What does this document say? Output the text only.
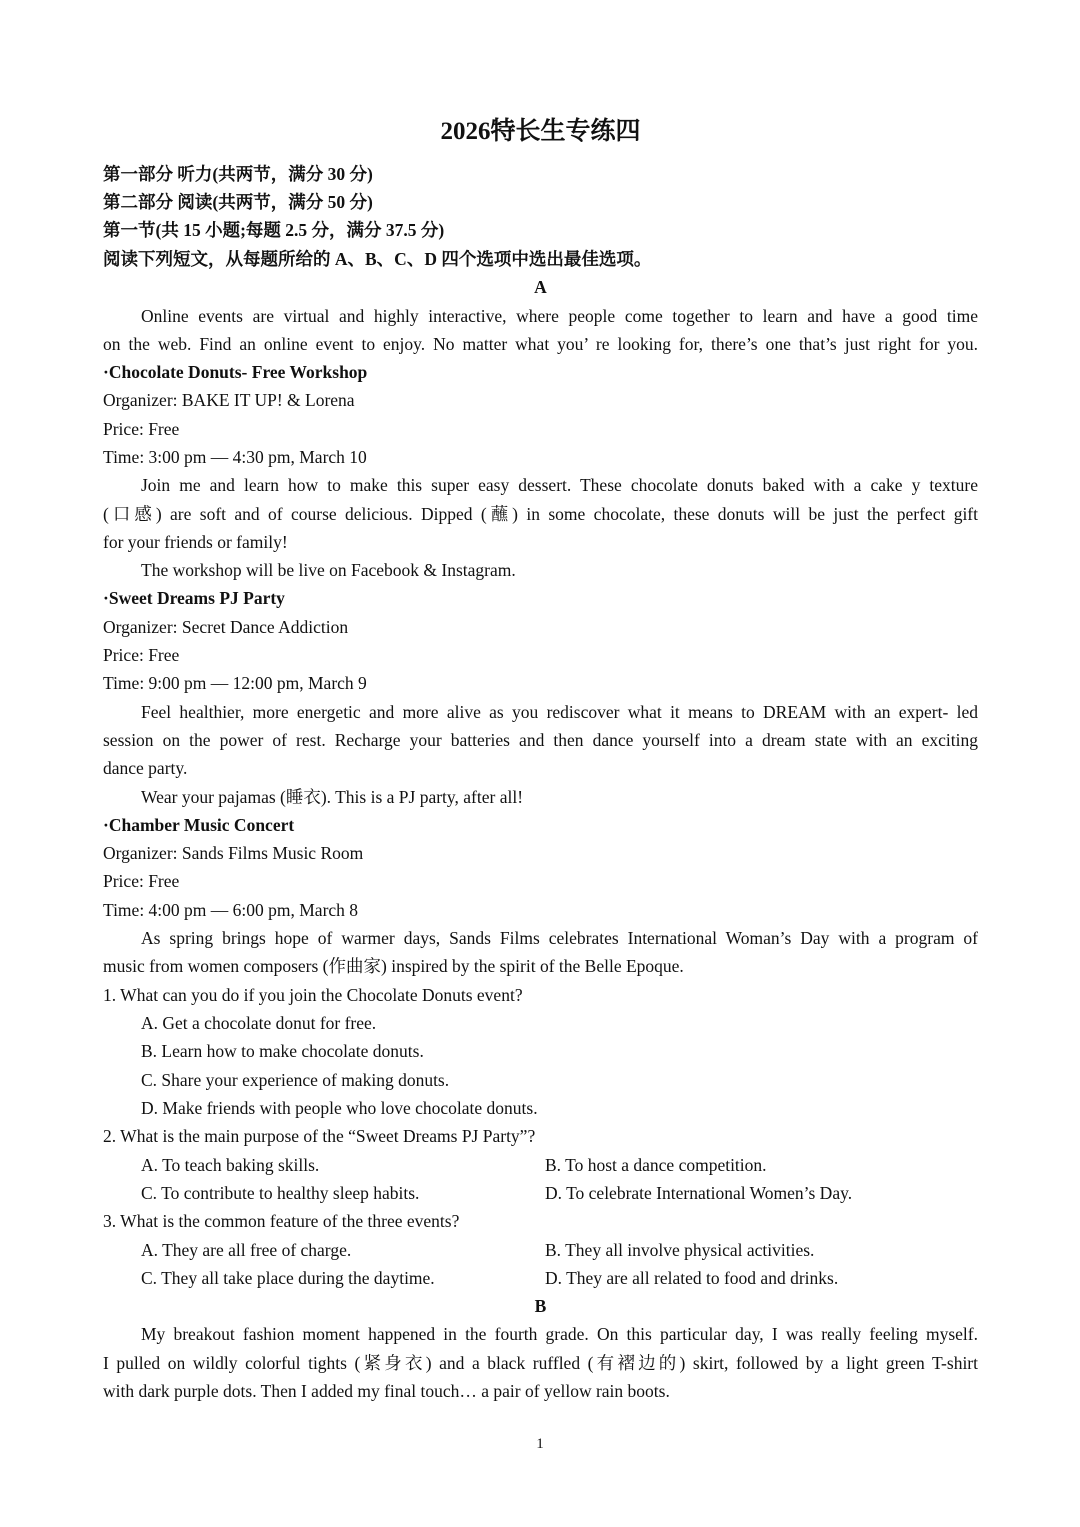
2026特长生专练四
第一部分 听力(共两节，满分 30 分)
第二部分 阅读(共两节，满分 50 分)
第一节(共 15 小题;每题 2.5 分，满分 37.5 分)
阅读下列短文，从每题所给的 A、B、C、D 四个选项中选出最佳选项。
A
Online events are virtual and highly interactive, where people come together to learn and have a good time
on the web. Find an online event to enjoy. No matter what you’ re looking for, there’s one that’s just right for you.
·Chocolate Donuts- Free Workshop
Organizer: BAKE IT UP! & Lorena
Price: Free
Time: 3:00 pm — 4:30 pm, March 10
Join me and learn how to make this super easy dessert. These chocolate donuts baked with a cake y texture
(口感) are soft and of course delicious. Dipped (蘸) in some chocolate, these donuts will be just the perfect gift
for your friends or family!
The workshop will be live on Facebook & Instagram.
·Sweet Dreams PJ Party
Organizer: Secret Dance Addiction
Price: Free
Time: 9:00 pm — 12:00 pm, March 9
Feel healthier, more energetic and more alive as you rediscover what it means to DREAM with an expert- led
session on the power of rest. Recharge your batteries and then dance yourself into a dream state with an exciting
dance party.
Wear your pajamas (睡衣). This is a PJ party, after all!
·Chamber Music Concert
Organizer: Sands Films Music Room
Price: Free
Time: 4:00 pm — 6:00 pm, March 8
As spring brings hope of warmer days, Sands Films celebrates International Woman’s Day with a program of
music from women composers (作曲家) inspired by the spirit of the Belle Epoque.
1. What can you do if you join the Chocolate Donuts event?
A. Get a chocolate donut for free.
B. Learn how to make chocolate donuts.
C. Share your experience of making donuts.
D. Make friends with people who love chocolate donuts.
2. What is the main purpose of the “Sweet Dreams PJ Party”?
A. To teach baking skills.	B. To host a dance competition.
C. To contribute to healthy sleep habits.	D. To celebrate International Women’s Day.
3. What is the common feature of the three events?
A. They are all free of charge.	B. They all involve physical activities.
C. They all take place during the daytime.	D. They are all related to food and drinks.
B
My breakout fashion moment happened in the fourth grade. On this particular day, I was really feeling myself.
I pulled on wildly colorful tights (紧身衣) and a black ruffled (有褶边的) skirt, followed by a light green T-shirt
with dark purple dots. Then I added my final touch… a pair of yellow rain boots.
1
